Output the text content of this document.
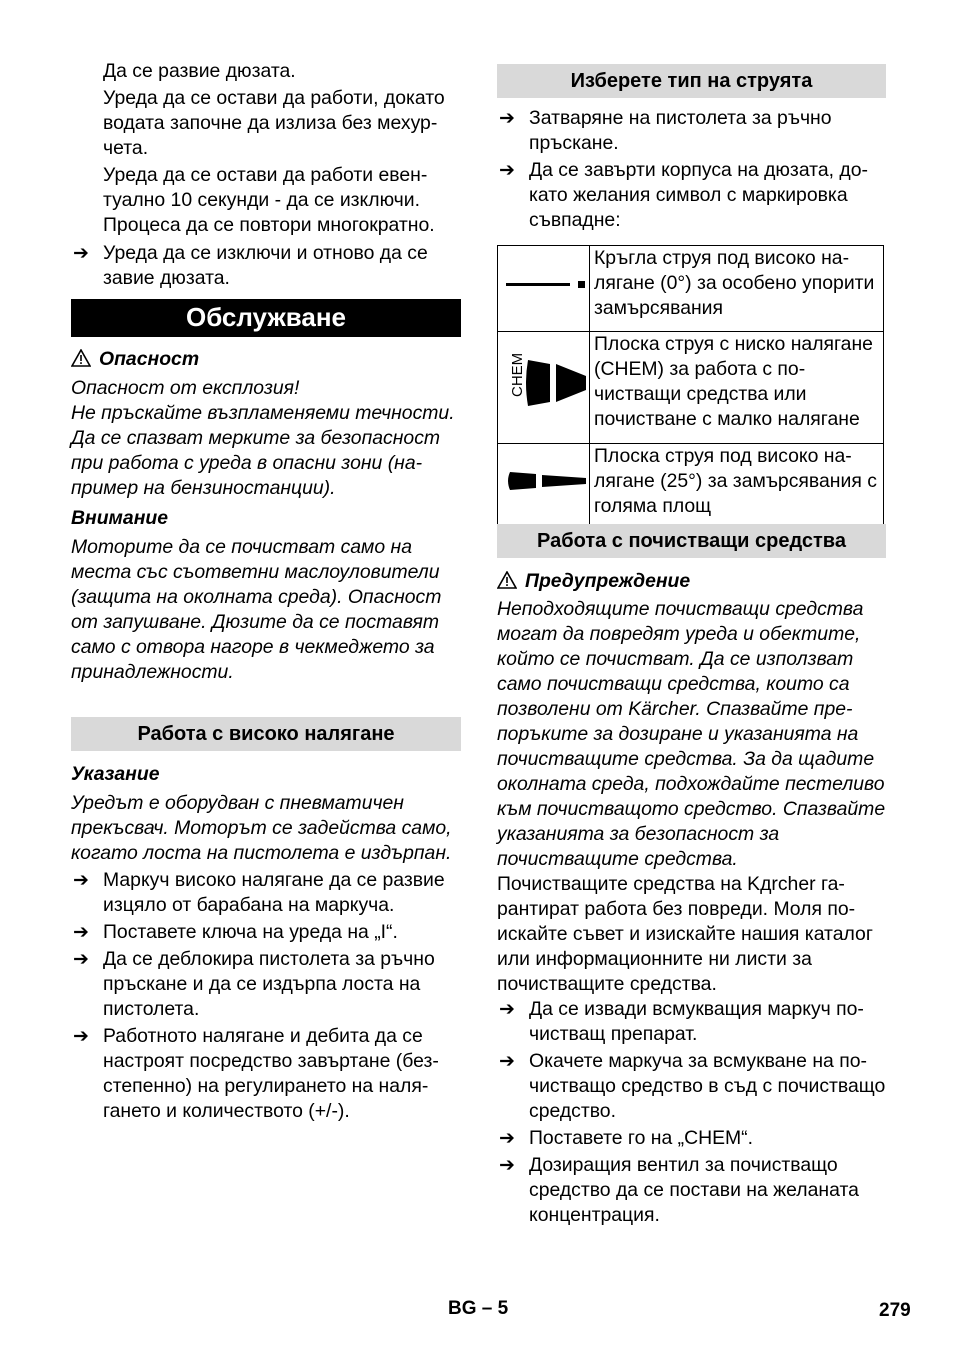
Да се развие дюзата.

Уреда да се остави да работи, докато водата започне да излиза без мехурчета.

Уреда да се остави да работи евентуално 10 секунди - да се изключи. Процеса да се повтори многократно.

➔ Уреда да се изключи и отново да се завие дюзата.

Обслужване

Опасност

Опасност от експлозия!

Не пръскайте възпламеняеми течности.

Да се спазват мерките за безопасност при работа с уреда в опасни зони (например на бензиностанции).

Внимание

Моторите да се почистват само на места със съответни маслоуловители (защита на околната среда). Опасност от запушване. Дюзите да се поставят само с отвора нагоре в чекмеджето за принадлежности.

Работа с високо налягане

Указание

Уредът е оборудван с пневматичен прекъсвач. Моторът се задейства само, когато лоста на пистолета е издърпан.

➔ Маркуч високо налягане да се развие изцяло от барабана на маркуча.

➔ Поставете ключа на уреда на „I“.

➔ Да се деблокира пистолета за ръчно пръскане и да се издърпа лоста на пистолета.

➔ Работното налягане и дебита да се настроят посредство завъртане (безстепенно) на регулирането на налягането и количеството (+/-).

Изберете тип на струята

➔ Затваряне на пистолета за ръчно пръскане.

➔ Да се завърти корпуса на дюзата, докато желания символ с маркировка съвпадне:

	Кръгла струя под високо налягане (0°) за особено упорити замърсявания

CHEM	Плоска струя с ниско налягане (CHEM) за работа с почистващи средства или почистване с малко налягане
	Плоска струя под високо налягане (25°) за замърсявания с голяма площ
Работа с почистващи средства

Предупреждение

Неподходящите почистващи средства могат да повредят уреда и обектите, който се почистват. Да се използват само почистващи средства, които са позволени от Kärcher. Спазвайте препоръките за дозиране и указанията на почистващите средства. За да щадите околната среда, подхождайте пестеливо към почистващото средство. Спазвайте указанията за безопасност за почистващите средства.

Почистващите средства на Kдrcher гарантират работа без повреди. Моля поискайте съвет и изискайте нашия каталог или информационните ни листи за почистващите средства.

➔ Да се извади всмукващия маркуч почистващ препарат.

➔ Окачете маркуча за всмукване на почистващо средство в съд с почистващо средство.

➔ Поставете го на „CHEM“.

➔ Дозиращия вентил за почистващо средство да се постави на желаната концентрация.

BG – 5	279
